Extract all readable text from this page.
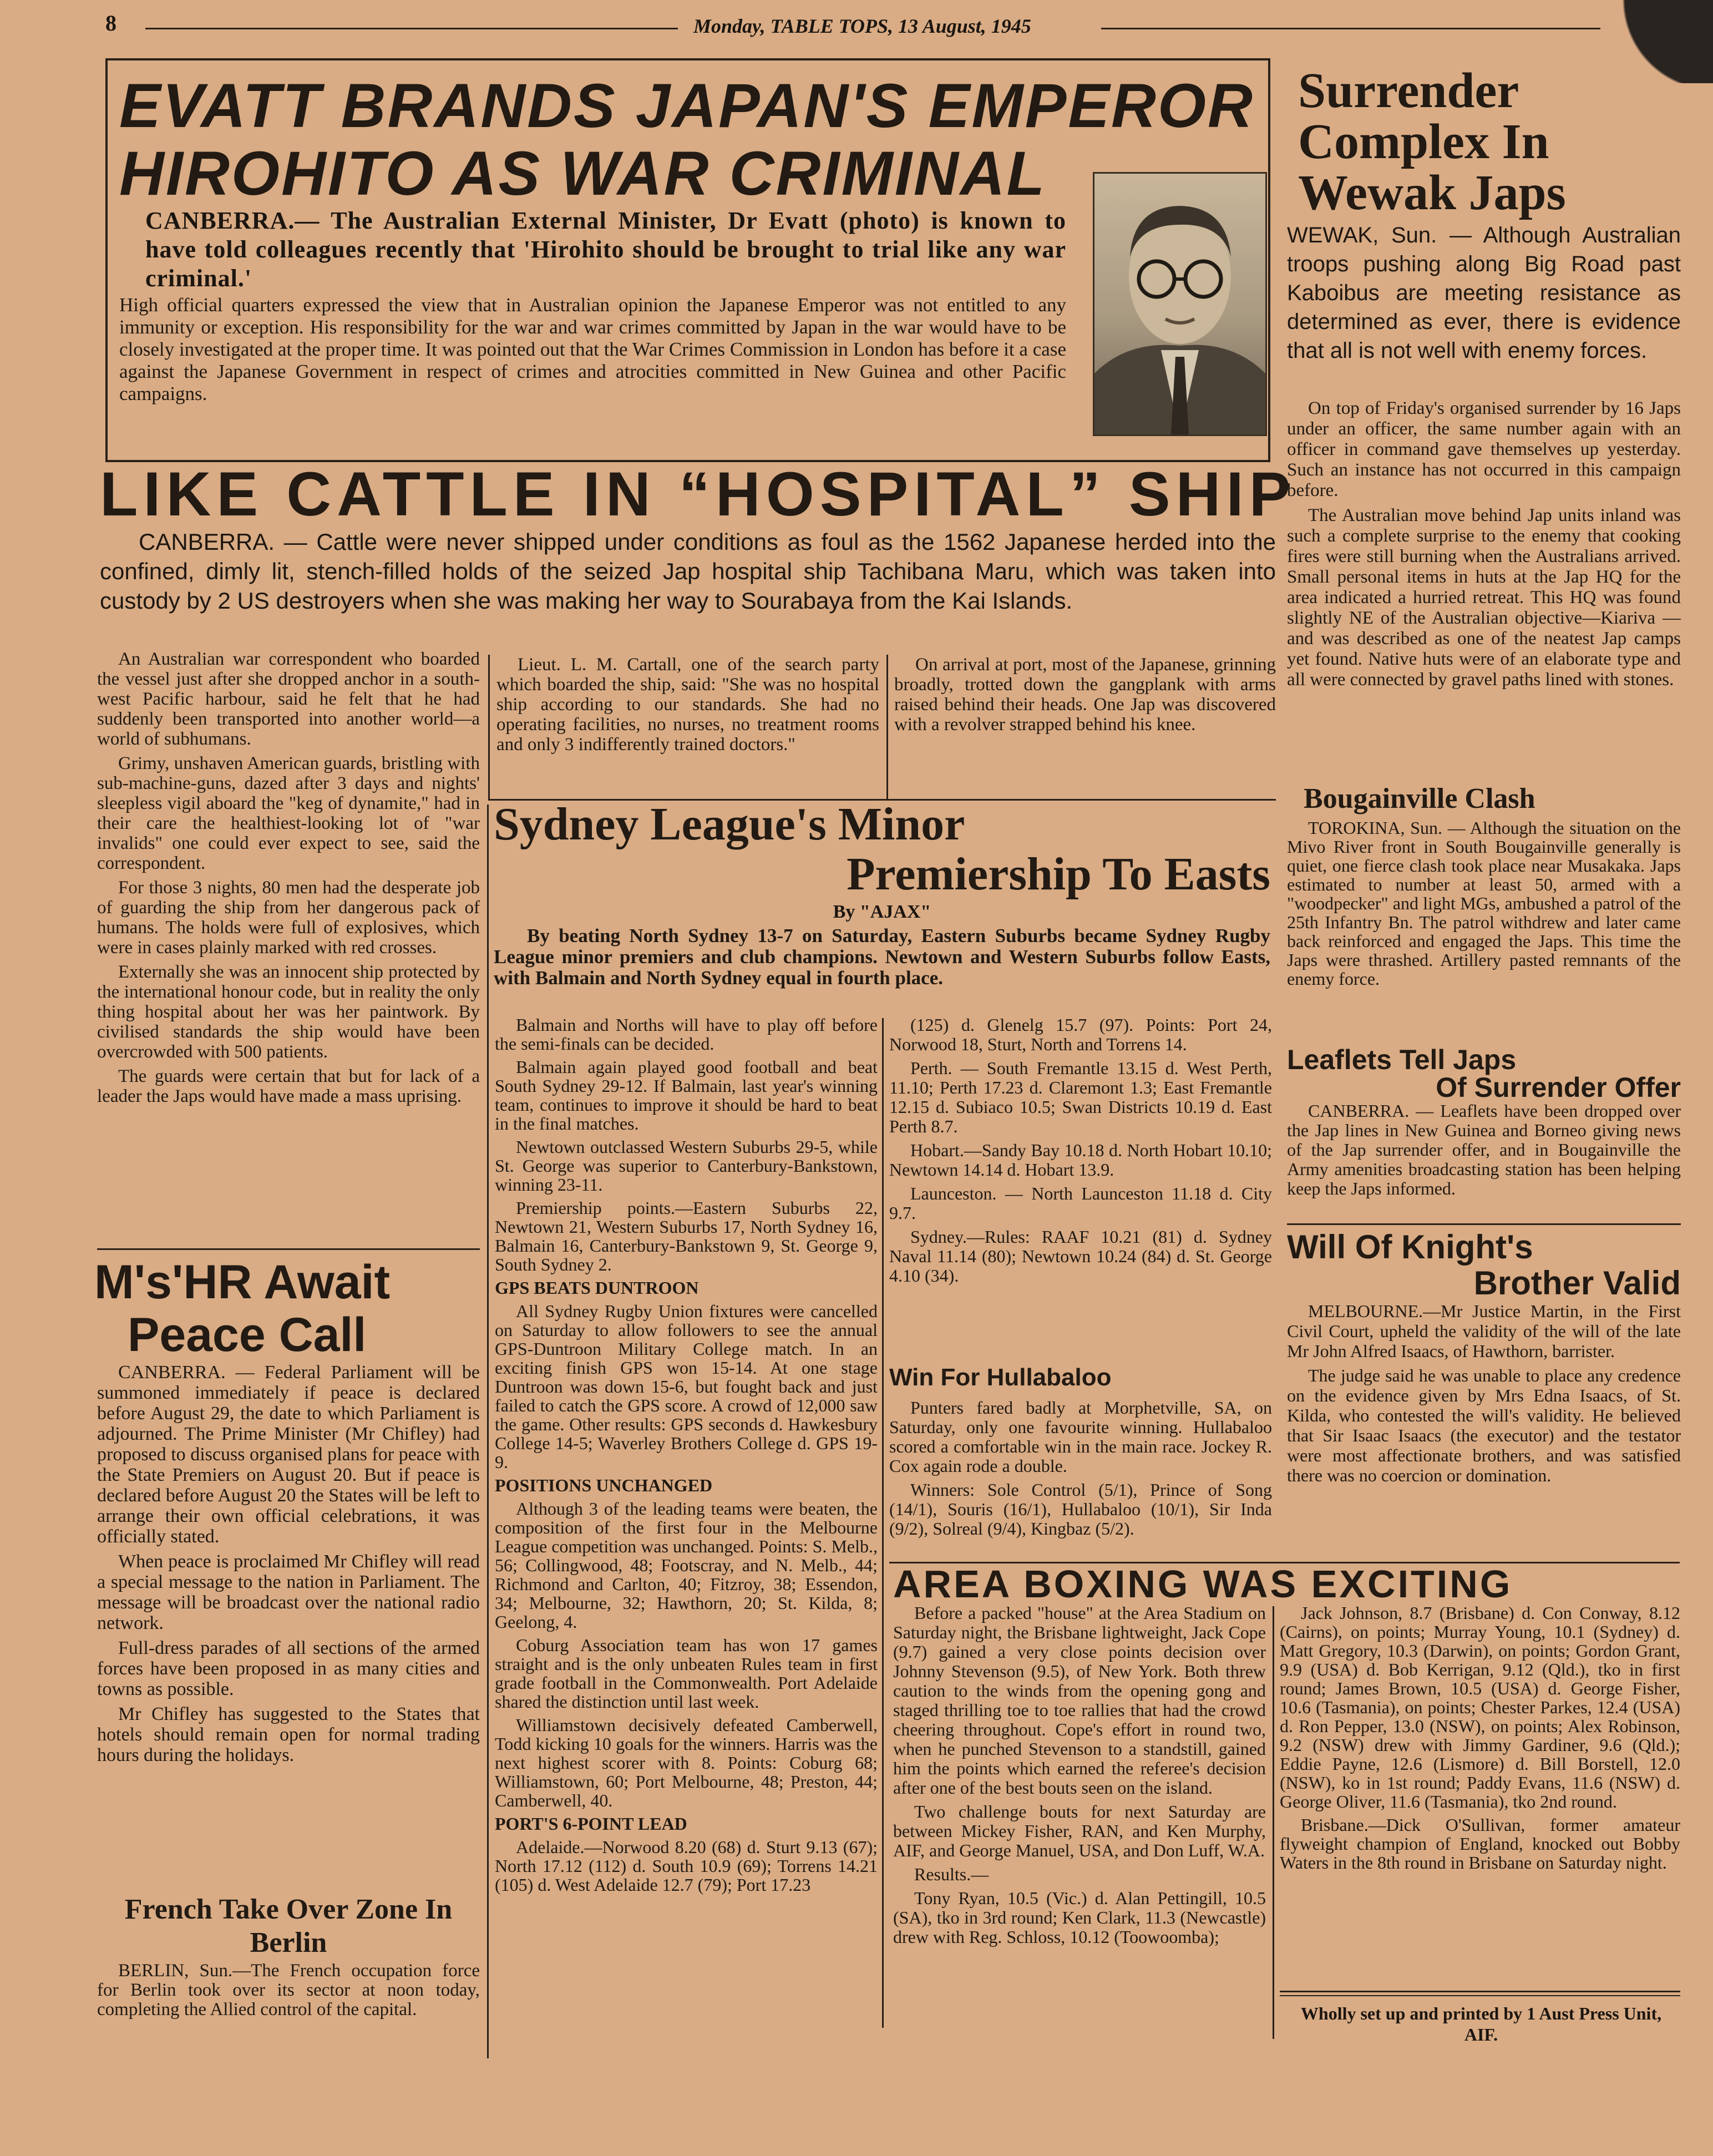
8	Monday, TABLE TOPS, 13 August, 1945
EVATT BRANDS JAPAN'S EMPEROR HIROHITO AS WAR CRIMINAL
CANBERRA.— The Australian External Minister, Dr Evatt (photo) is known to have told colleagues recently that 'Hirohito should be brought to trial like any war criminal.'
High official quarters expressed the view that in Australian opinion the Japanese Emperor was not entitled to any immunity or exception. His responsibility for the war and war crimes committed by Japan in the war would have to be closely investigated at the proper time. It was pointed out that the War Crimes Commission in London has before it a case against the Japanese Government in respect of crimes and atrocities committed in New Guinea and other Pacific campaigns.
Surrender Complex In Wewak Japs
WEWAK, Sun. — Although Australian troops pushing along Big Road past Kaboibus are meeting resistance as determined as ever, there is evidence that all is not well with enemy forces.

On top of Friday's organised surrender by 16 Japs under an officer, the same number again with an officer in command gave themselves up yesterday. Such an instance has not occurred in this campaign before.

The Australian move behind Jap units inland was such a complete surprise to the enemy that cooking fires were still burning when the Australians arrived. Small personal items in huts at the Jap HQ for the area indicated a hurried retreat. This HQ was found slightly NE of the Australian objective—Kiariva — and was described as one of the neatest Jap camps yet found. Native huts were of an elaborate type and all were connected by gravel paths lined with stones.

Bougainville Clash
TOROKINA, Sun. — Although the situation on the Mivo River front in South Bougainville generally is quiet, one fierce clash took place near Musakaka. Japs estimated to number at least 50, armed with a "woodpecker" and light MGs, ambushed a patrol of the 25th Infantry Bn. The patrol withdrew and later came back reinforced and engaged the Japs. This time the Japs were thrashed. Artillery pasted remnants of the enemy force.
Leaflets Tell Japs
Of Surrender Offer
CANBERRA. — Leaflets have been dropped over the Jap lines in New Guinea and Borneo giving news of the Jap surrender offer, and in Bougainville the Army amenities broadcasting station has been helping keep the Japs informed.
Will Of Knight's
Brother Valid

MELBOURNE.—Mr Justice Martin, in the First Civil Court, upheld the validity of the will of the late Mr John Alfred Isaacs, of Hawthorn, barrister.

The judge said he was unable to place any credence on the evidence given by Mrs Edna Isaacs, of St. Kilda, who contested the will's validity. He believed that Sir Isaac Isaacs (the executor) and the testator were most affectionate brothers, and was satisfied there was no coercion or domination.

LIKE CATTLE IN “HOSPITAL” SHIP
CANBERRA. — Cattle were never shipped under conditions as foul as the 1562 Japanese herded into the confined, dimly lit, stench-filled holds of the seized Jap hospital ship Tachibana Maru, which was taken into custody by 2 US destroyers when she was making her way to Sourabaya from the Kai Islands.

An Australian war correspondent who boarded the vessel just after she dropped anchor in a south-west Pacific harbour, said he felt that he had suddenly been transported into another world—a world of subhumans.

Grimy, unshaven American guards, bristling with sub-machine-guns, dazed after 3 days and nights' sleepless vigil aboard the "keg of dynamite," had in their care the healthiest-looking lot of "war invalids" one could ever expect to see, said the correspondent.

For those 3 nights, 80 men had the desperate job of guarding the ship from her dangerous pack of humans. The holds were full of explosives, which were in cases plainly marked with red crosses.

Externally she was an innocent ship protected by the international honour code, but in reality the only thing hospital about her was her paintwork. By civilised standards the ship would have been overcrowded with 500 patients.

The guards were certain that but for lack of a leader the Japs would have made a mass uprising.

Lieut. L. M. Cartall, one of the search party which boarded the ship, said: "She was no hospital ship according to our standards. She had no operating facilities, no nurses, no treatment rooms and only 3 indifferently trained doctors."

On arrival at port, most of the Japanese, grinning broadly, trotted down the gangplank with arms raised behind their heads. One Jap was discovered with a revolver strapped behind his knee.

Sydney League's Minor
Premiership To Easts
By "AJAX"
By beating North Sydney 13-7 on Saturday, Eastern Suburbs became Sydney Rugby League minor premiers and club champions. Newtown and Western Suburbs follow Easts, with Balmain and North Sydney equal in fourth place.

Balmain and Norths will have to play off before the semi-finals can be decided.

Balmain again played good football and beat South Sydney 29-12. If Balmain, last year's winning team, continues to improve it should be hard to beat in the final matches.

Newtown outclassed Western Suburbs 29-5, while St. George was superior to Canterbury-Bankstown, winning 23-11.

Premiership points.—Eastern Suburbs 22, Newtown 21, Western Suburbs 17, North Sydney 16, Balmain 16, Canterbury-Bankstown 9, St. George 9, South Sydney 2.

GPS BEATS DUNTROON

All Sydney Rugby Union fixtures were cancelled on Saturday to allow followers to see the annual GPS-Duntroon Military College match. In an exciting finish GPS won 15-14. At one stage Duntroon was down 15-6, but fought back and just failed to catch the GPS score. A crowd of 12,000 saw the game. Other results: GPS seconds d. Hawkesbury College 14-5; Waverley Brothers College d. GPS 19-9.

POSITIONS UNCHANGED

Although 3 of the leading teams were beaten, the composition of the first four in the Melbourne League competition was unchanged. Points: S. Melb., 56; Collingwood, 48; Footscray, and N. Melb., 44; Richmond and Carlton, 40; Fitzroy, 38; Essendon, 34; Melbourne, 32; Hawthorn, 20; St. Kilda, 8; Geelong, 4.

Coburg Association team has won 17 games straight and is the only unbeaten Rules team in first grade football in the Commonwealth. Port Adelaide shared the distinction until last week.

Williamstown decisively defeated Camberwell, Todd kicking 10 goals for the winners. Harris was the next highest scorer with 8. Points: Coburg 68; Williamstown, 60; Port Melbourne, 48; Preston, 44; Camberwell, 40.

PORT'S 6-POINT LEAD

Adelaide.—Norwood 8.20 (68) d. Sturt 9.13 (67); North 17.12 (112) d. South 10.9 (69); Torrens 14.21 (105) d. West Adelaide 12.7 (79); Port 17.23

(125) d. Glenelg 15.7 (97). Points: Port 24, Norwood 18, Sturt, North and Torrens 14.

Perth. — South Fremantle 13.15 d. West Perth, 11.10; Perth 17.23 d. Claremont 1.3; East Fremantle 12.15 d. Subiaco 10.5; Swan Districts 10.19 d. East Perth 8.7.

Hobart.—Sandy Bay 10.18 d. North Hobart 10.10; Newtown 14.14 d. Hobart 13.9.

Launceston. — North Launceston 11.18 d. City 9.7.

Sydney.—Rules: RAAF 10.21 (81) d. Sydney Naval 11.14 (80); Newtown 10.24 (84) d. St. George 4.10 (34).

Win For Hullabaloo

Punters fared badly at Morphetville, SA, on Saturday, only one favourite winning. Hullabaloo scored a comfortable win in the main race. Jockey R. Cox again rode a double.

Winners: Sole Control (5/1), Prince of Song (14/1), Souris (16/1), Hullabaloo (10/1), Sir Inda (9/2), Solreal (9/4), Kingbaz (5/2).

M's'HR Await
Peace Call

CANBERRA. — Federal Parliament will be summoned immediately if peace is declared before August 29, the date to which Parliament is adjourned. The Prime Minister (Mr Chifley) had proposed to discuss organised plans for peace with the State Premiers on August 20. But if peace is declared before August 20 the States will be left to arrange their own official celebrations, it was officially stated.

When peace is proclaimed Mr Chifley will read a special message to the nation in Parliament. The message will be broadcast over the national radio network.

Full-dress parades of all sections of the armed forces have been proposed in as many cities and towns as possible.

Mr Chifley has suggested to the States that hotels should remain open for normal trading hours during the holidays.

French Take Over Zone In Berlin
BERLIN, Sun.—The French occupation force for Berlin took over its sector at noon today, completing the Allied control of the capital.
AREA BOXING WAS EXCITING

Before a packed "house" at the Area Stadium on Saturday night, the Brisbane lightweight, Jack Cope (9.7) gained a very close points decision over Johnny Stevenson (9.5), of New York. Both threw caution to the winds from the opening gong and staged thrilling toe to toe rallies that had the crowd cheering throughout. Cope's effort in round two, when he punched Stevenson to a standstill, gained him the points which earned the referee's decision after one of the best bouts seen on the island.

Two challenge bouts for next Saturday are between Mickey Fisher, RAN, and Ken Murphy, AIF, and George Manuel, USA, and Don Luff, W.A.

Results.—

Tony Ryan, 10.5 (Vic.) d. Alan Pettingill, 10.5 (SA), tko in 3rd round; Ken Clark, 11.3 (Newcastle) drew with Reg. Schloss, 10.12 (Toowoomba);

Jack Johnson, 8.7 (Brisbane) d. Con Conway, 8.12 (Cairns), on points; Murray Young, 10.1 (Sydney) d. Matt Gregory, 10.3 (Darwin), on points; Gordon Grant, 9.9 (USA) d. Bob Kerrigan, 9.12 (Qld.), tko in first round; James Brown, 10.5 (USA) d. George Fisher, 10.6 (Tasmania), on points; Chester Parkes, 12.4 (USA) d. Ron Pepper, 13.0 (NSW), on points; Alex Robinson, 9.2 (NSW) drew with Jimmy Gardiner, 9.6 (Qld.); Eddie Payne, 12.6 (Lismore) d. Bill Borstell, 12.0 (NSW), ko in 1st round; Paddy Evans, 11.6 (NSW) d. George Oliver, 11.6 (Tasmania), tko 2nd round.

Brisbane.—Dick O'Sullivan, former amateur flyweight champion of England, knocked out Bobby Waters in the 8th round in Brisbane on Saturday night.

Wholly set up and printed by 1 Aust Press Unit, AIF.
